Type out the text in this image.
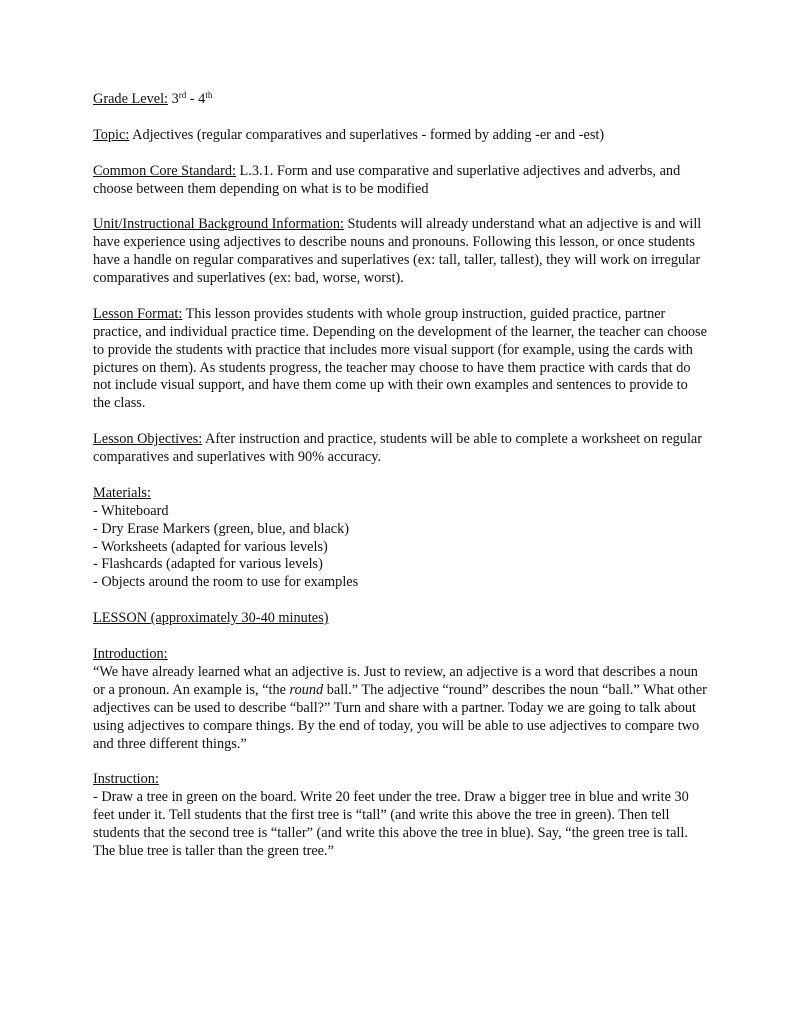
Grade Level: 3rd - 4th

Topic: Adjectives (regular comparatives and superlatives - formed by adding -er and -est)

Common Core Standard: L.3.1. Form and use comparative and superlative adjectives and adverbs, and choose between them depending on what is to be modified

Unit/Instructional Background Information: Students will already understand what an adjective is and will have experience using adjectives to describe nouns and pronouns. Following this lesson, or once students have a handle on regular comparatives and superlatives (ex: tall, taller, tallest), they will work on irregular comparatives and superlatives (ex: bad, worse, worst).

Lesson Format: This lesson provides students with whole group instruction, guided practice, partner practice, and individual practice time. Depending on the development of the learner, the teacher can choose to provide the students with practice that includes more visual support (for example, using the cards with pictures on them). As students progress, the teacher may choose to have them practice with cards that do not include visual support, and have them come up with their own examples and sentences to provide to the class.

Lesson Objectives: After instruction and practice, students will be able to complete a worksheet on regular comparatives and superlatives with 90% accuracy.

Materials:
- Whiteboard
- Dry Erase Markers (green, blue, and black)
- Worksheets (adapted for various levels)
- Flashcards (adapted for various levels)
- Objects around the room to use for examples

LESSON (approximately 30-40 minutes)

Introduction:
“We have already learned what an adjective is. Just to review, an adjective is a word that describes a noun or a pronoun. An example is, “the round ball.” The adjective “round” describes the noun “ball.” What other adjectives can be used to describe “ball?” Turn and share with a partner. Today we are going to talk about using adjectives to compare things. By the end of today, you will be able to use adjectives to compare two and three different things.”

Instruction:
- Draw a tree in green on the board. Write 20 feet under the tree. Draw a bigger tree in blue and write 30 feet under it. Tell students that the first tree is “tall” (and write this above the tree in green). Then tell students that the second tree is “taller” (and write this above the tree in blue). Say, “the green tree is tall. The blue tree is taller than the green tree.”
